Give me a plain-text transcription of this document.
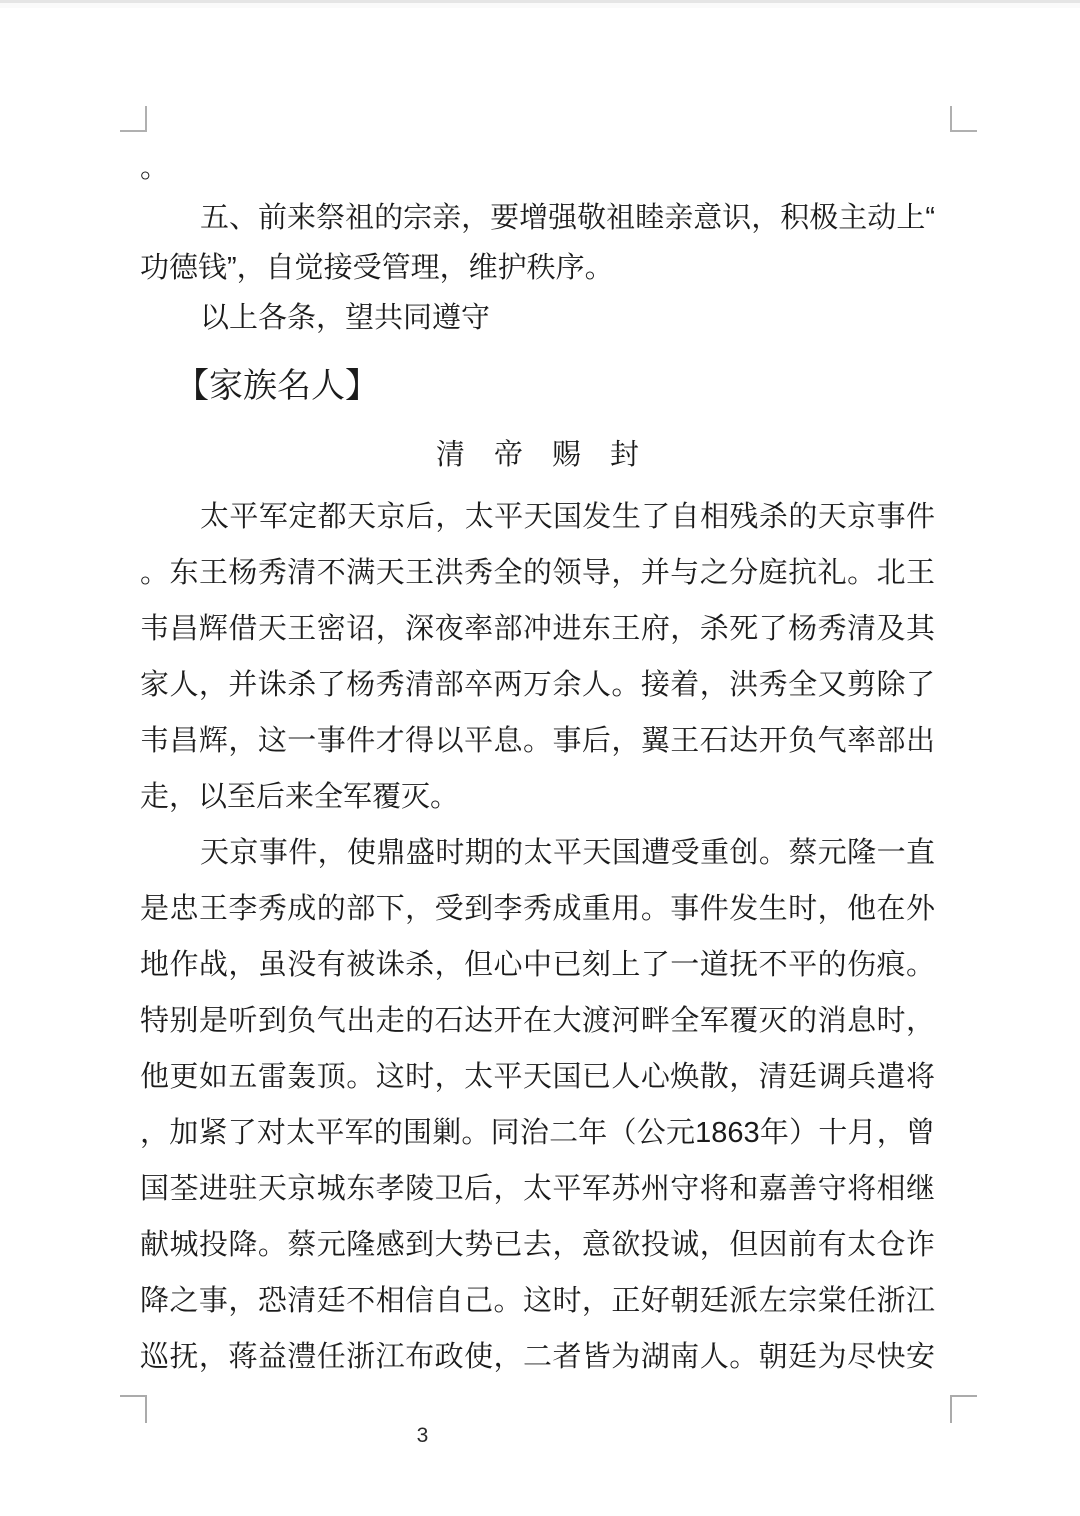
。
五、前来祭祖的宗亲，要增强敬祖睦亲意识，积极主动上“
功德钱”，自觉接受管理，维护秩序。
以上各条，望共同遵守
【家族名人】
清　帝　赐　封
太平军定都天京后，太平天国发生了自相残杀的天京事件
。东王杨秀清不满天王洪秀全的领导，并与之分庭抗礼。北王
韦昌辉借天王密诏，深夜率部冲进东王府，杀死了杨秀清及其
家人，并诛杀了杨秀清部卒两万余人。接着，洪秀全又剪除了
韦昌辉，这一事件才得以平息。事后，翼王石达开负气率部出
走，以至后来全军覆灭。
天京事件，使鼎盛时期的太平天国遭受重创。蔡元隆一直
是忠王李秀成的部下，受到李秀成重用。事件发生时，他在外
地作战，虽没有被诛杀，但心中已刻上了一道抚不平的伤痕。
特别是听到负气出走的石达开在大渡河畔全军覆灭的消息时，
他更如五雷轰顶。这时，太平天国已人心焕散，清廷调兵遣将
，加紧了对太平军的围剿。同治二年（公元1863年）十月，曾
国荃进驻天京城东孝陵卫后，太平军苏州守将和嘉善守将相继
献城投降。蔡元隆感到大势已去，意欲投诚，但因前有太仓诈
降之事，恐清廷不相信自己。这时，正好朝廷派左宗棠任浙江
巡抚，蒋益澧任浙江布政使，二者皆为湖南人。朝廷为尽快安
3
